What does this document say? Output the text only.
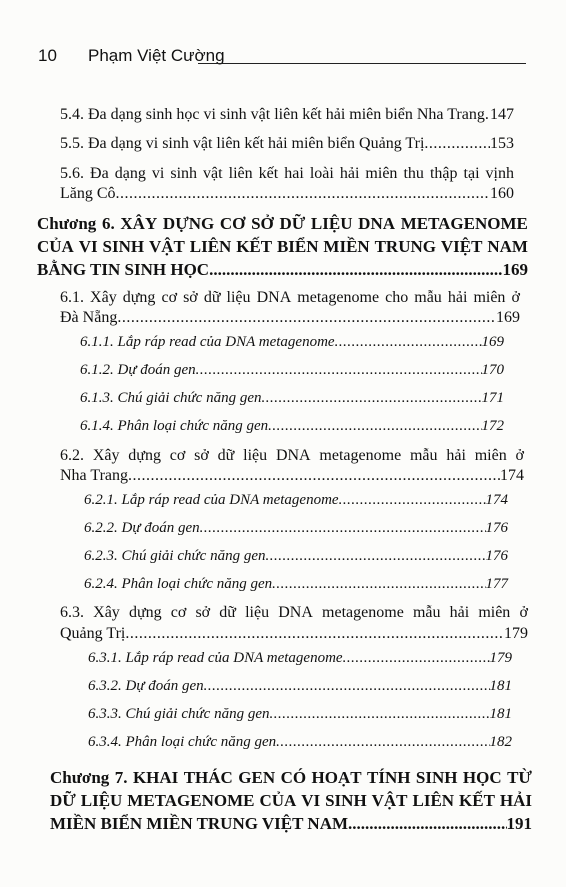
10 Phạm Việt Cường
5.4. Đa dạng sinh học vi sinh vật liên kết hải miên biển Nha Trang ..... 147
5.5. Đa dạng vi sinh vật liên kết hải miên biển Quảng Trị .....	153
5.6. Đa dạng vi sinh vật liên kết hai loài hải miên thu thập tại vịnh
Lăng Cô .....	160
Chương 6. XÂY DỰNG CƠ SỞ DỮ LIỆU DNA METAGENOME
CỦA VI SINH VẬT LIÊN KẾT BIỂN MIỀN TRUNG VIỆT NAM
BẰNG TIN SINH HỌC .....	169
6.1. Xây dựng cơ sở dữ liệu DNA metagenome cho mẫu hải miên ở
Đà Nẵng .....	169
6.1.1. Lắp ráp read của DNA metagenome .....	169
6.1.2. Dự đoán gen .....	170
6.1.3. Chú giải chức năng gen .....	171
6.1.4. Phân loại chức năng gen .....	172
6.2. Xây dựng cơ sở dữ liệu DNA metagenome mẫu hải miên ở
Nha Trang .....	174
6.2.1. Lắp ráp read của DNA metagenome .....	174
6.2.2. Dự đoán gen .....	176
6.2.3. Chú giải chức năng gen .....	176
6.2.4. Phân loại chức năng gen .....	177
6.3. Xây dựng cơ sở dữ liệu DNA metagenome mẫu hải miên ở
Quảng Trị .....	179
6.3.1. Lắp ráp read của DNA metagenome .....	179
6.3.2. Dự đoán gen .....	181
6.3.3. Chú giải chức năng gen .....	181
6.3.4. Phân loại chức năng gen .....	182
Chương 7. KHAI THÁC GEN CÓ HOẠT TÍNH SINH HỌC TỪ
DỮ LIỆU METAGENOME CỦA VI SINH VẬT LIÊN KẾT HẢI
MIỀN BIỂN MIỀN TRUNG VIỆT NAM .....	191
